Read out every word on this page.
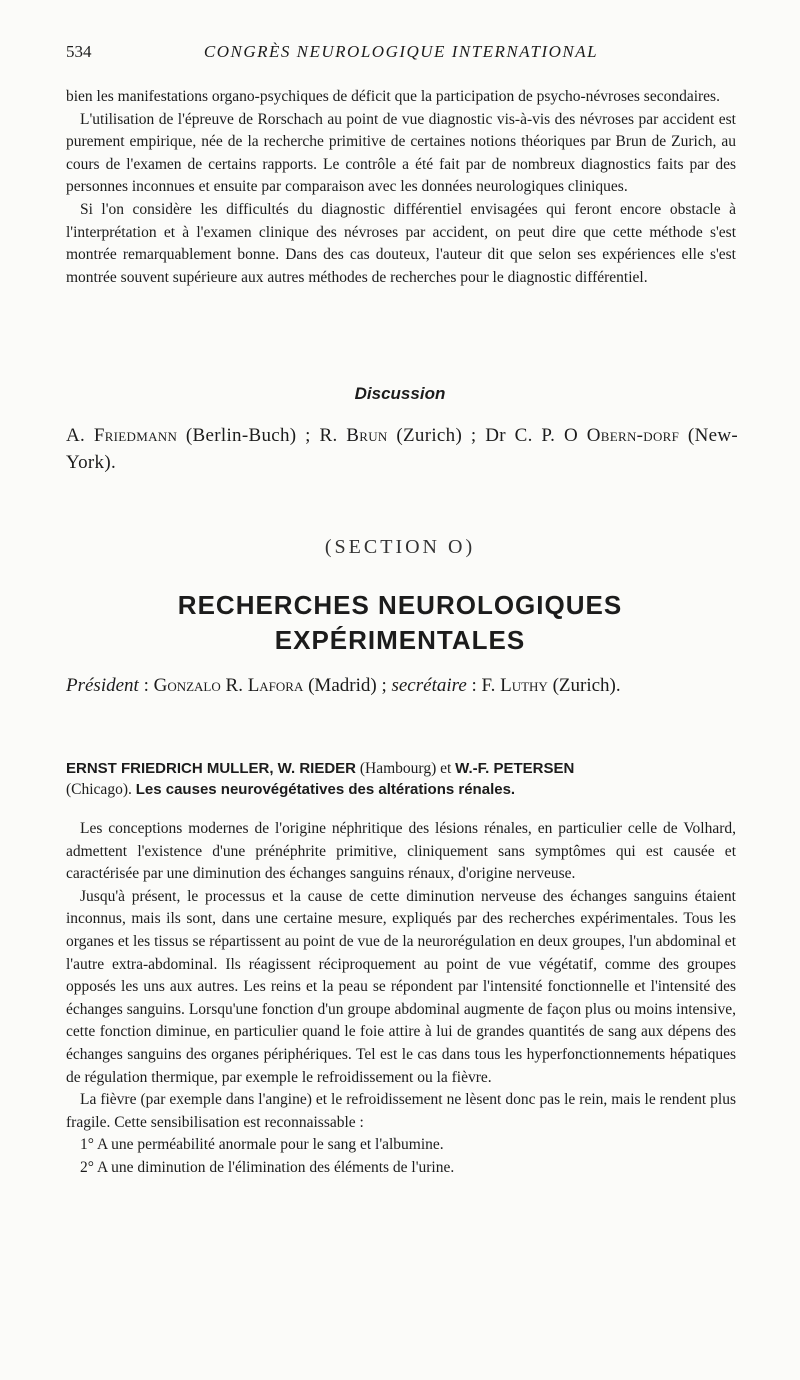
534	CONGRÈS NEUROLOGIQUE INTERNATIONAL

bien les manifestations organo-psychiques de déficit que la participation de psycho-névroses secondaires.

L'utilisation de l'épreuve de Rorschach au point de vue diagnostic vis-à-vis des névroses par accident est purement empirique, née de la recherche primitive de certaines notions théoriques par Brun de Zurich, au cours de l'examen de certains rapports. Le contrôle a été fait par de nombreux diagnostics faits par des personnes inconnues et ensuite par comparaison avec les données neurologiques cliniques.

Si l'on considère les difficultés du diagnostic différentiel envisagées qui feront encore obstacle à l'interprétation et à l'examen clinique des névroses par accident, on peut dire que cette méthode s'est montrée remarquablement bonne. Dans des cas douteux, l'auteur dit que selon ses expériences elle s'est montrée souvent supérieure aux autres méthodes de recherches pour le diagnostic différentiel.

Discussion
A. Friedmann (Berlin-Buch) ; R. Brun (Zurich) ; Dr C. P. O Obern-dorf (New-York).
(SECTION O)
RECHERCHES NEUROLOGIQUES
EXPÉRIMENTALES
Président : Gonzalo R. Lafora (Madrid) ; secrétaire : F. Luthy (Zurich).
ERNST FRIEDRICH MULLER, W. RIEDER (Hambourg) et W.-F. PETERSEN
(Chicago). Les causes neurovégétatives des altérations rénales.

Les conceptions modernes de l'origine néphritique des lésions rénales, en particulier celle de Volhard, admettent l'existence d'une prénéphrite primitive, cliniquement sans symptômes qui est causée et caractérisée par une diminution des échanges sanguins rénaux, d'origine nerveuse.

Jusqu'à présent, le processus et la cause de cette diminution nerveuse des échanges sanguins étaient inconnus, mais ils sont, dans une certaine mesure, expliqués par des recherches expérimentales. Tous les organes et les tissus se répartissent au point de vue de la neurorégulation en deux groupes, l'un abdominal et l'autre extra-abdominal. Ils réagissent réciproquement au point de vue végétatif, comme des groupes opposés les uns aux autres. Les reins et la peau se répondent par l'intensité fonctionnelle et l'intensité des échanges sanguins. Lorsqu'une fonction d'un groupe abdominal augmente de façon plus ou moins intensive, cette fonction diminue, en particulier quand le foie attire à lui de grandes quantités de sang aux dépens des échanges sanguins des organes périphériques. Tel est le cas dans tous les hyperfonctionnements hépatiques de régulation thermique, par exemple le refroidissement ou la fièvre.

La fièvre (par exemple dans l'angine) et le refroidissement ne lèsent donc pas le rein, mais le rendent plus fragile. Cette sensibilisation est reconnaissable :

1° A une perméabilité anormale pour le sang et l'albumine.

2° A une diminution de l'élimination des éléments de l'urine.
